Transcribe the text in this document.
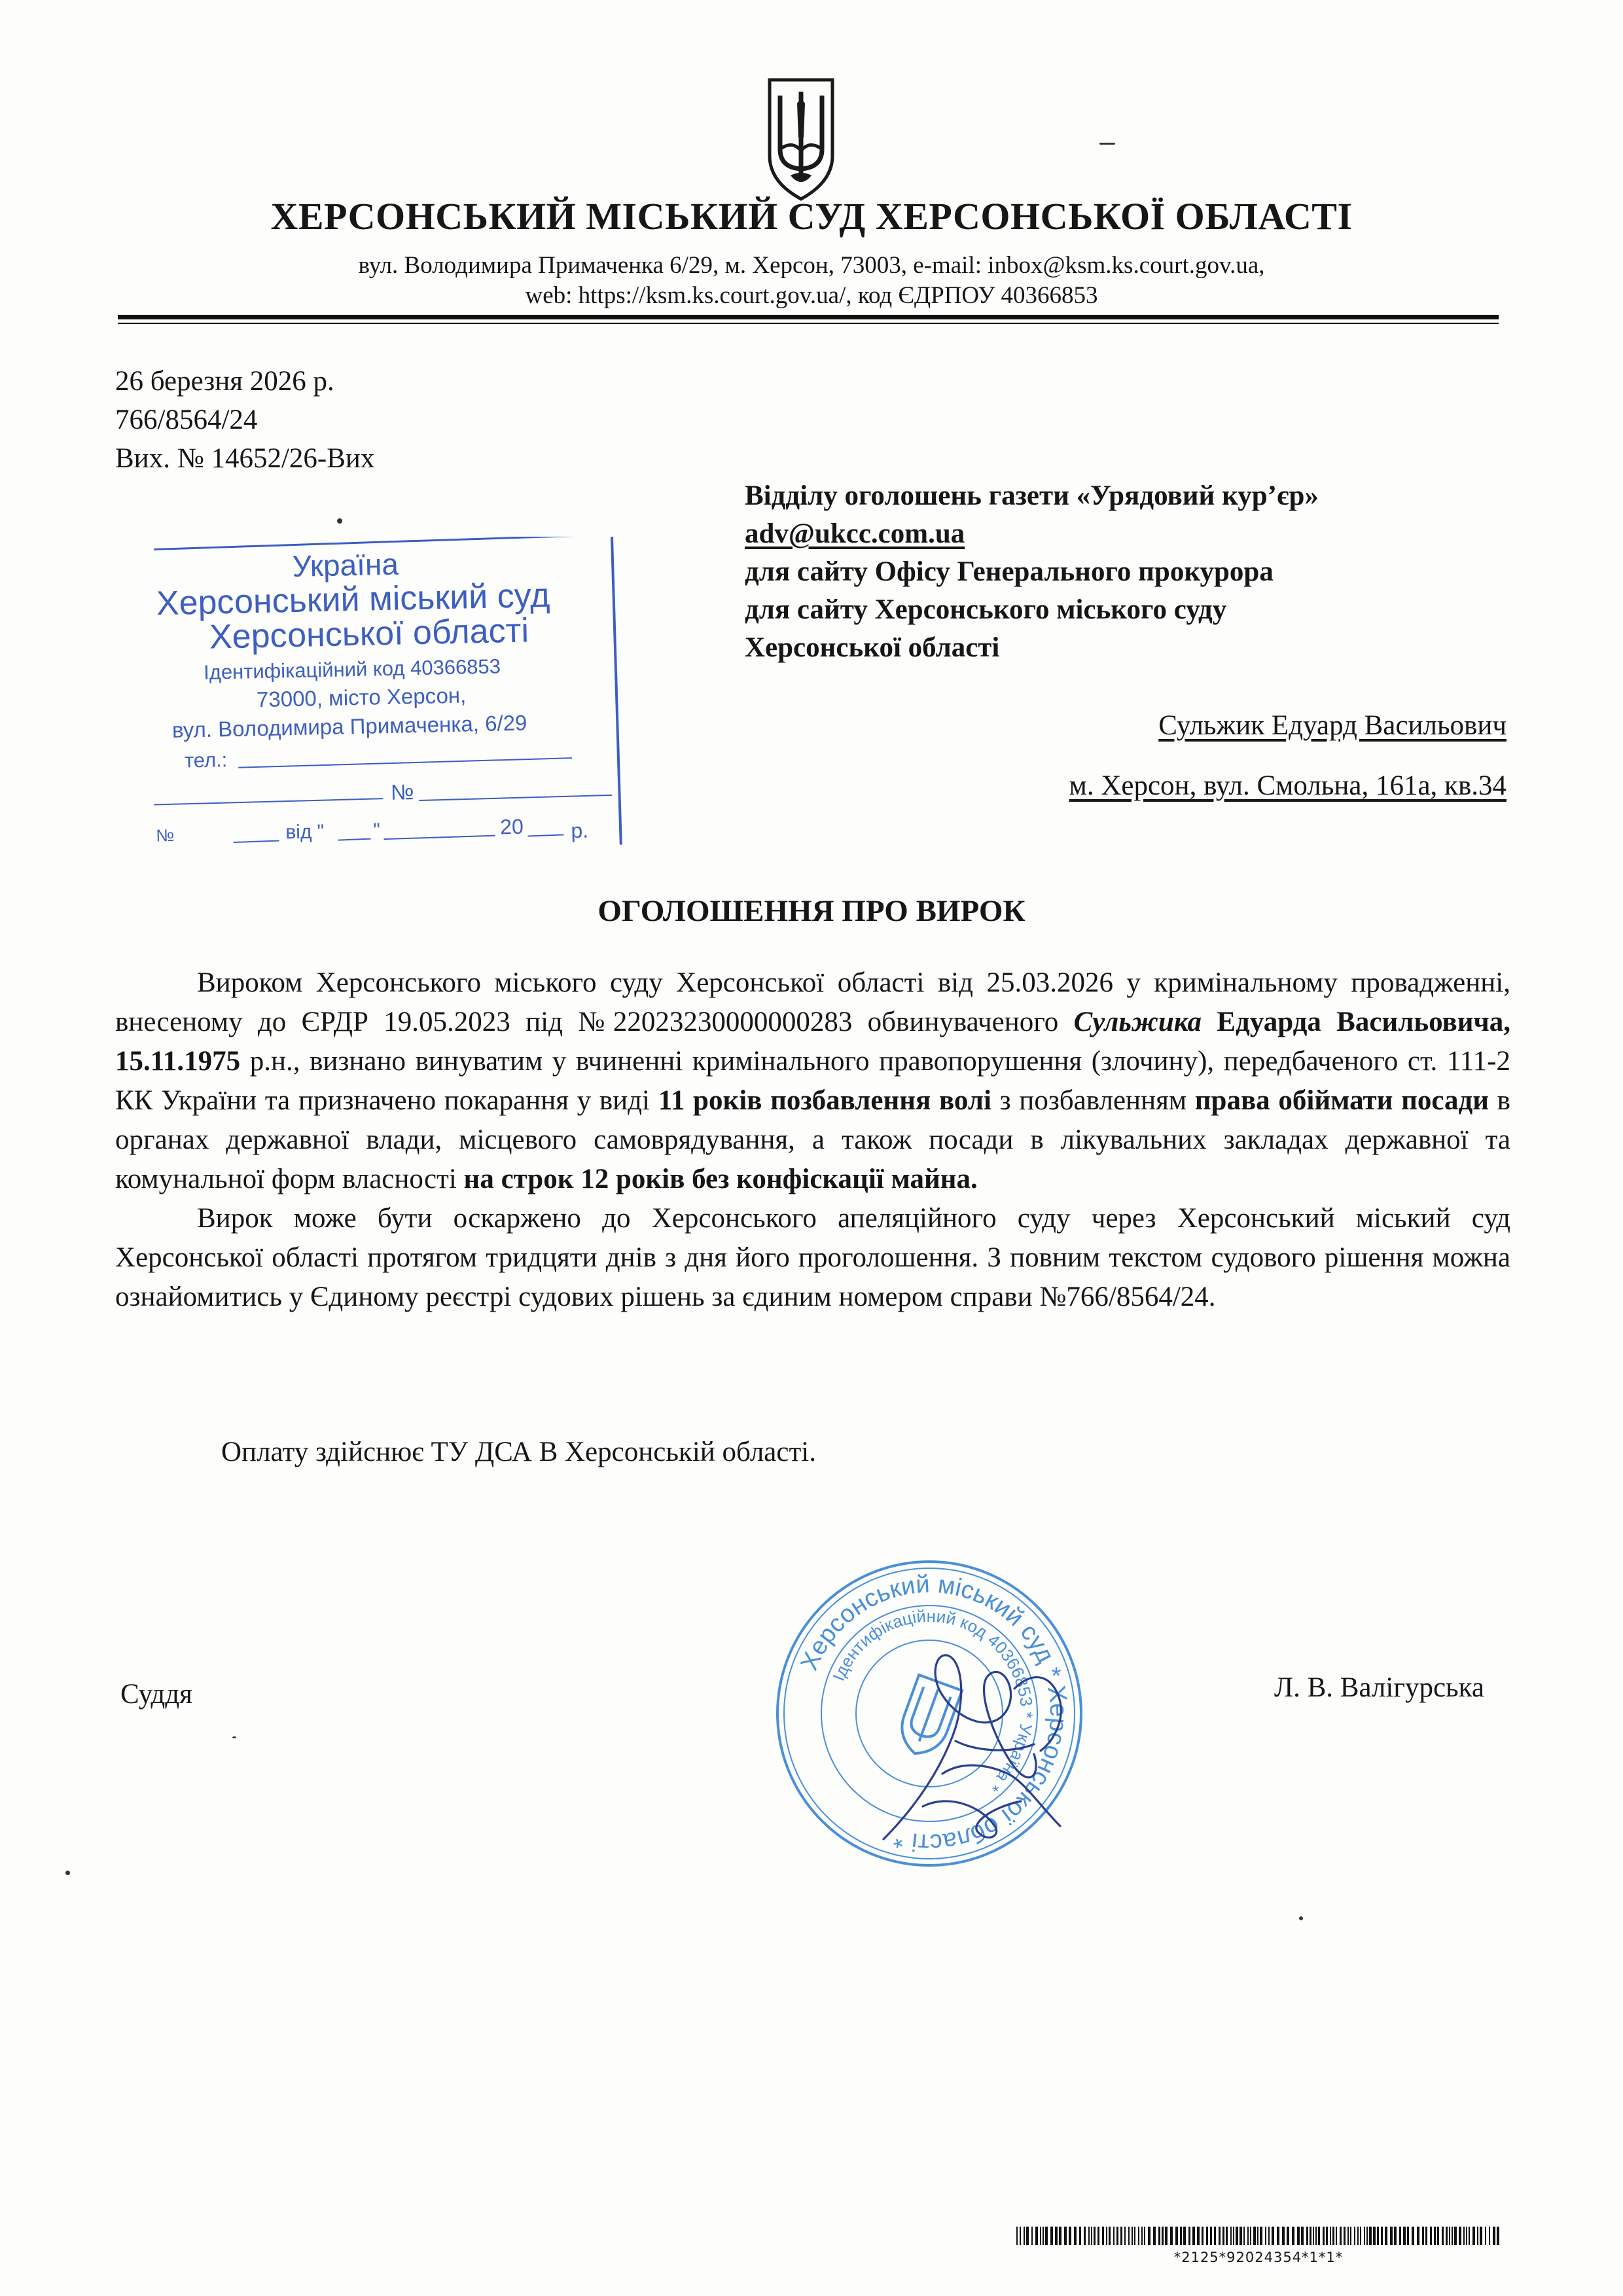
ХЕРСОНСЬКИЙ МІСЬКИЙ СУД ХЕРСОНСЬКОЇ ОБЛАСТІ
вул. Володимира Примаченка 6/29, м. Херсон, 73003, e-mail: inbox@ksm.ks.court.gov.ua,
web: https://ksm.ks.court.gov.ua/, код ЄДРПОУ 40366853
26 березня 2026 р.
766/8564/24
Вих. № 14652/26-Вих
Відділу оголошень газети «Урядовий кур’єр»
adv@ukcc.com.ua
для сайту Офісу Генерального прокурора
для сайту Херсонського міського суду
Херсонської області
Сульжик Едуард Васильович
м. Херсон, вул. Смольна, 161а, кв.34
Україна
Херсонський міський суд
Херсонської області
Ідентифікаційний код 40366853
73000, місто Херсон,
вул. Володимира Примаченка, 6/29
тел.:
№
№	від " "	20 р.
ОГОЛОШЕННЯ ПРО ВИРОК

Вироком Херсонського міського суду Херсонської області від 25.03.2026 у кримінальному провадженні, внесеному до ЄРДР 19.05.2023 під №22023230000000283 обвинуваченого Сульжика Едуарда Васильовича, 15.11.1975 р.н., визнано винуватим у вчиненні кримінального правопорушення (злочину), передбаченого ст. 111-2 КК України та призначено покарання у виді 11 років позбавлення волі з позбавленням права обіймати посади в органах державної влади, місцевого самоврядування, а також посади в лікувальних закладах державної та комунальної форм власності на строк 12 років без конфіскації майна.

Вирок може бути оскаржено до Херсонського апеляційного суду через Херсонський міський суд Херсонської області протягом тридцяти днів з дня його проголошення. З повним текстом судового рішення можна ознайомитись у Єдиному реєстрі судових рішень за єдиним номером справи №766/8564/24.

Оплату здійснює ТУ ДСА В Херсонській області.
Суддя	Л. В. Валігурська
Херсонський міський суд * Херсонської області *
Ідентифікаційний код 40366853 * Україна *
*2125*92024354*1*1*
